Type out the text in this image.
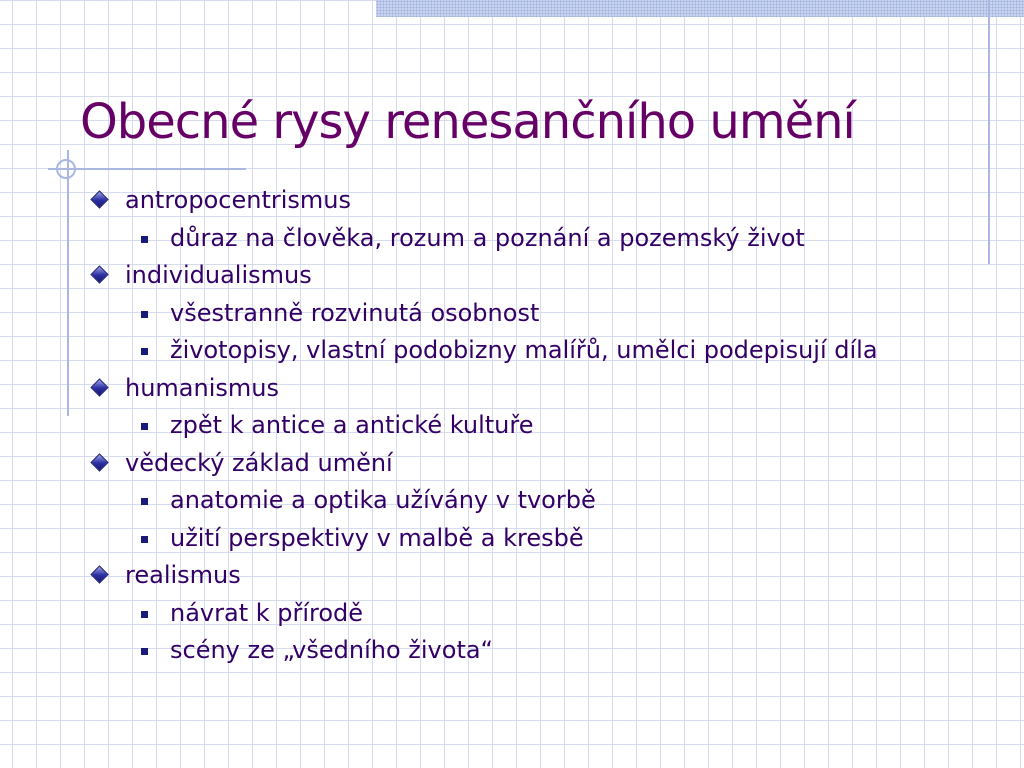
Obecné rysy renesančního umění
antropocentrismus
důraz na člověka, rozum a poznání a pozemský život
individualismus
všestranně rozvinutá osobnost
životopisy, vlastní podobizny malířů, umělci podepisují díla
humanismus
zpět k antice a antické kultuře
vědecký základ umění
anatomie a optika užívány v tvorbě
užití perspektivy v malbě a kresbě
realismus
návrat k přírodě
scény ze „všedního života“
